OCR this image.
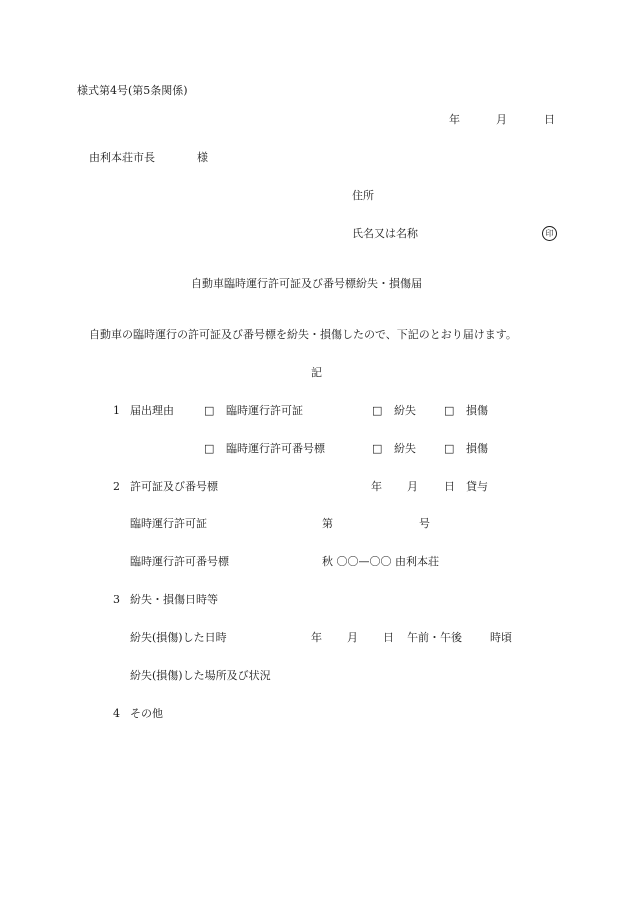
様式第4号(第5条関係)
年	月	日
由利本荘市長	様
住所
氏名又は名称	印
自動車臨時運行許可証及び番号標紛失・損傷届
自動車の臨時運行の許可証及び番号標を紛失・損傷したので、下記のとおり届けます。
記
1 届出理由	□ 臨時運行許可証	□ 紛失	□ 損傷
□ 臨時運行許可番号標	□ 紛失	□ 損傷
2 許可証及び番号標	年 月 日 貸与
臨時運行許可証	第	号
臨時運行許可番号標	秋 〇〇—〇〇 由利本荘
3 紛失・損傷日時等
紛失(損傷)した日時	年 月 日 午前・午後	時頃
紛失(損傷)した場所及び状況
4 その他
